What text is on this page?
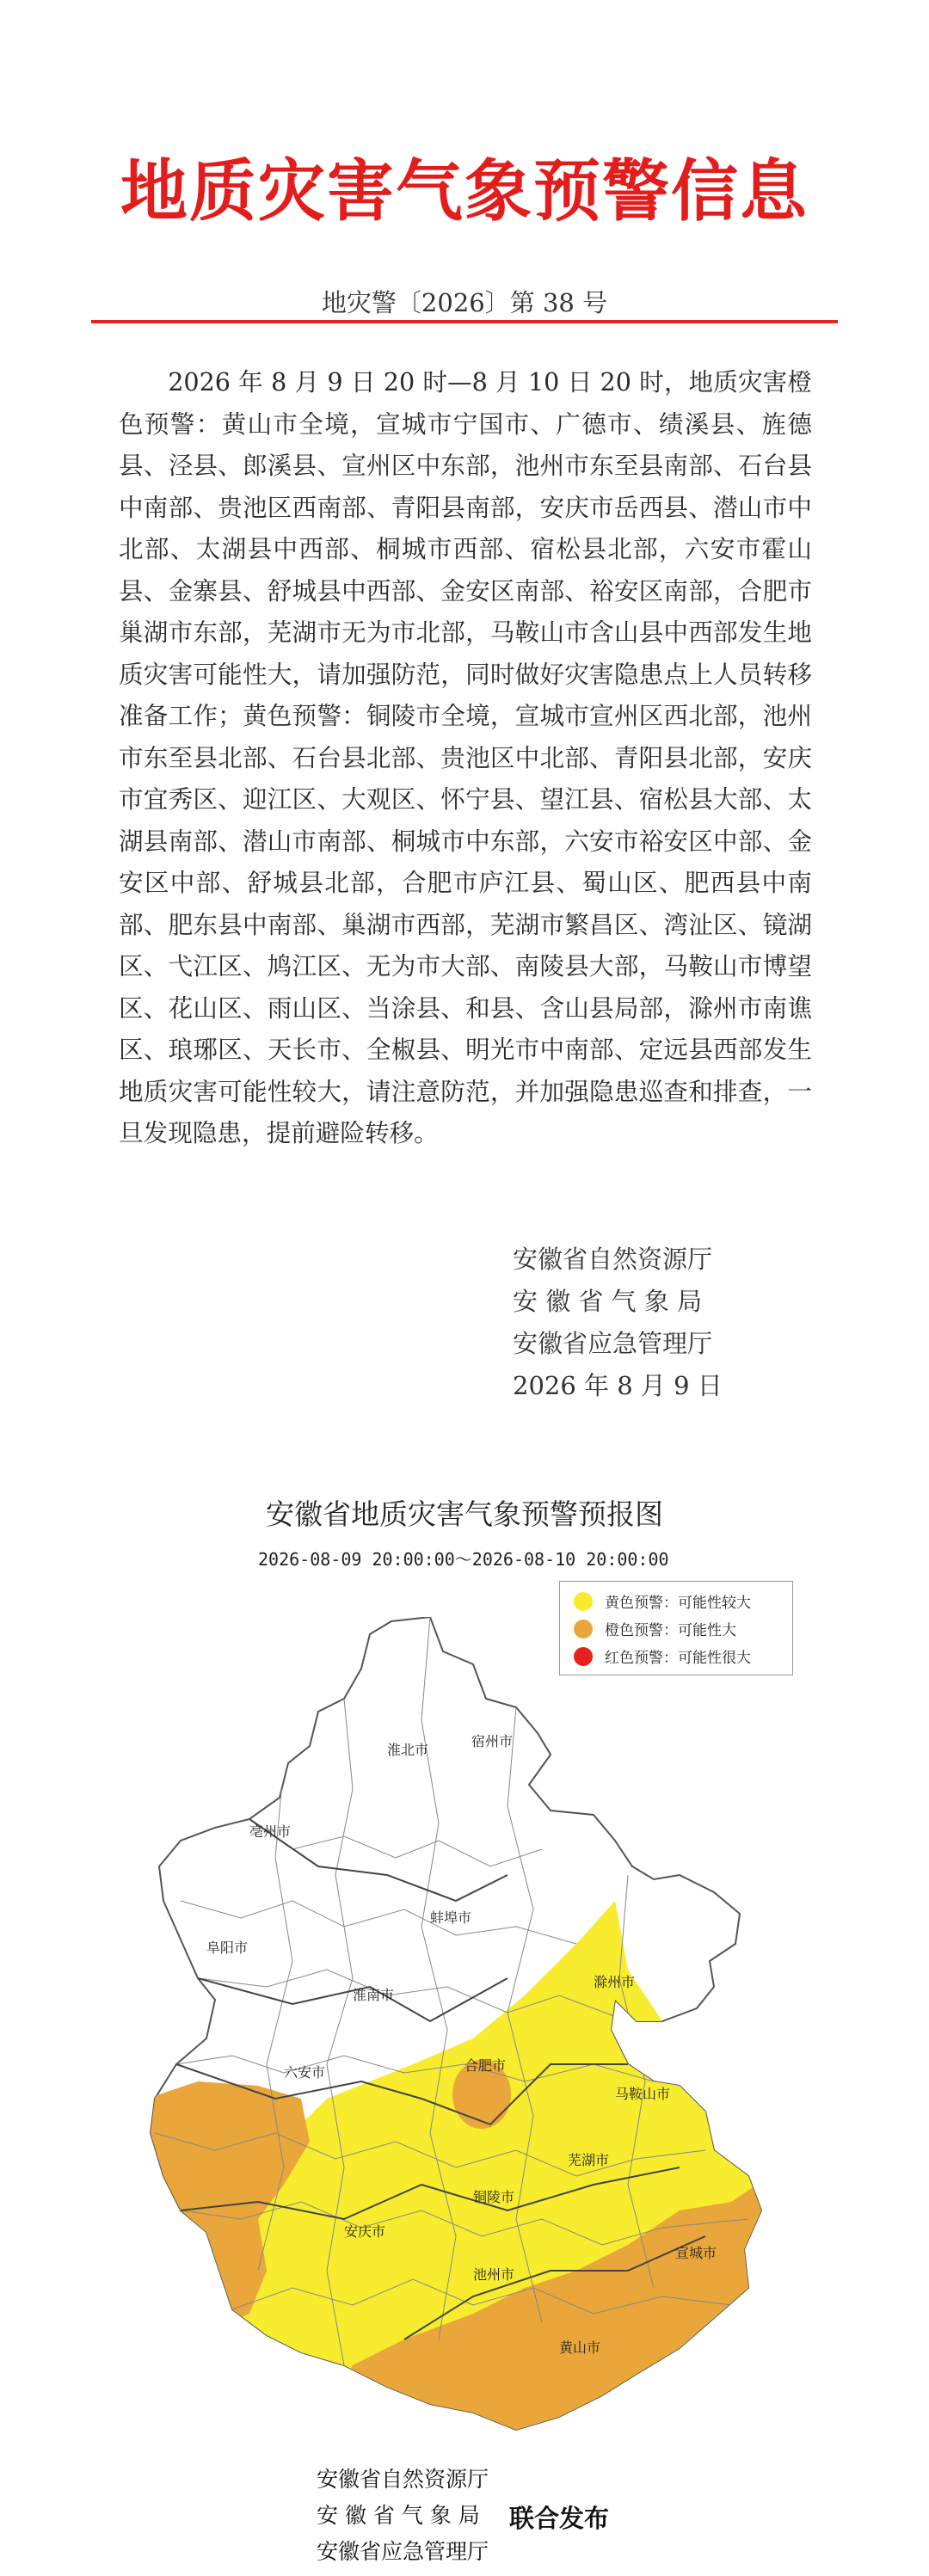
地质灾害气象预警信息
地灾警〔2026〕第 38 号

2026 年 8 月 9 日 20 时—8 月 10 日 20 时，地质灾害橙色预警：黄山市全境，宣城市宁国市、广德市、绩溪县、旌德县、泾县、郎溪县、宣州区中东部，池州市东至县南部、石台县中南部、贵池区西南部、青阳县南部，安庆市岳西县、潜山市中北部、太湖县中西部、桐城市西部、宿松县北部，六安市霍山县、金寨县、舒城县中西部、金安区南部、裕安区南部，合肥市巢湖市东部，芜湖市无为市北部，马鞍山市含山县中西部发生地质灾害可能性大，请加强防范，同时做好灾害隐患点上人员转移准备工作；黄色预警：铜陵市全境，宣城市宣州区西北部，池州市东至县北部、石台县北部、贵池区中北部、青阳县北部，安庆市宜秀区、迎江区、大观区、怀宁县、望江县、宿松县大部、太湖县南部、潜山市南部、桐城市中东部，六安市裕安区中部、金安区中部、舒城县北部，合肥市庐江县、蜀山区、肥西县中南部、肥东县中南部、巢湖市西部，芜湖市繁昌区、湾沚区、镜湖区、弋江区、鸠江区、无为市大部、南陵县大部，马鞍山市博望区、花山区、雨山区、当涂县、和县、含山县局部，滁州市南谯区、琅琊区、天长市、全椒县、明光市中南部、定远县西部发生地质灾害可能性较大，请注意防范，并加强隐患巡查和排查，一旦发现隐患，提前避险转移。

安徽省自然资源厅
安 徽 省 气 象 局
安徽省应急管理厅
2026 年 8 月 9 日
安徽省地质灾害气象预警预报图
2026-08-09 20:00:00～2026-08-10 20:00:00
黄色预警：可能性较大
橙色预警：可能性大
红色预警：可能性很大
宿州市
淮北市
亳州市
蚌埠市
阜阳市
淮南市
滁州市
六安市	合肥市
马鞍山市
芜湖市
铜陵市
安庆市
宣城市
池州市
黄山市
安徽省自然资源厅
安 徽 省 气 象 局
安徽省应急管理厅
联合发布
